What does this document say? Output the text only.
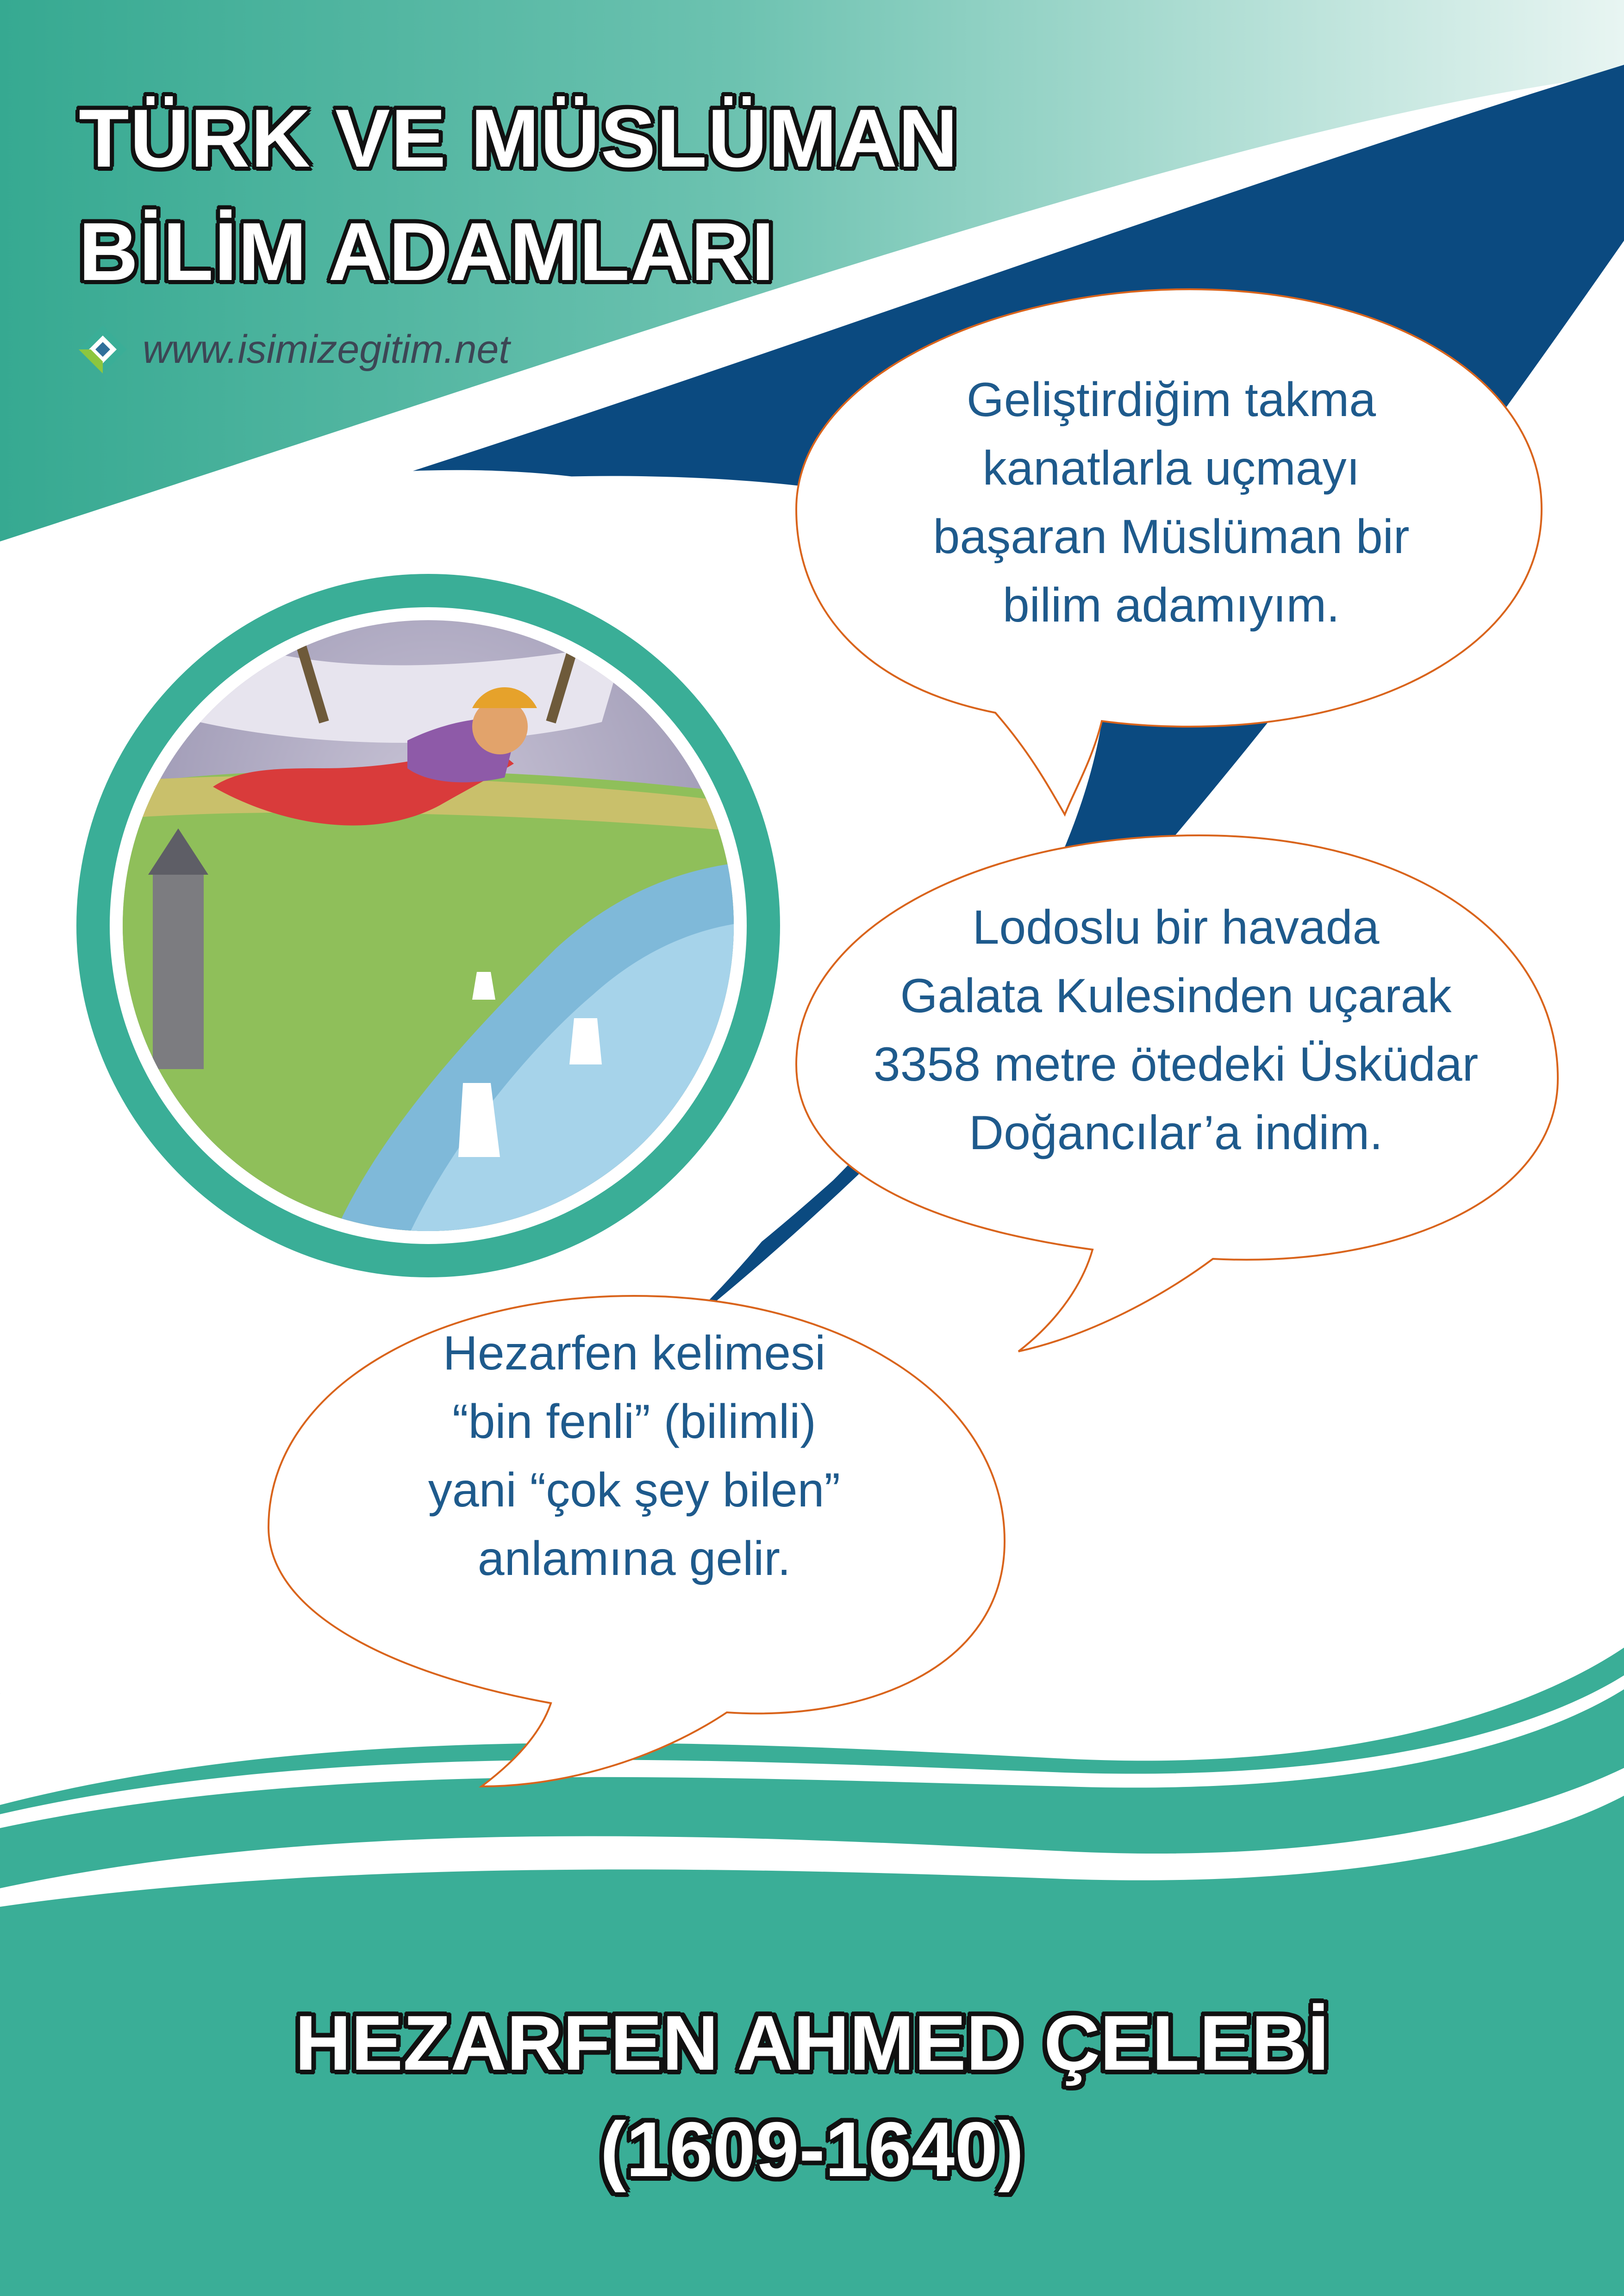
TÜRK VE MÜSLÜMAN
BİLİM ADAMLARI
www.isimizegitim.net
Geliştirdiğim takma
kanatlarla uçmayı
başaran Müslüman bir
bilim adamıyım.
Lodoslu bir havada
Galata Kulesinden uçarak
3358 metre ötedeki Üsküdar
Doğancılar’a indim.
Hezarfen kelimesi
“bin fenli” (bilimli)
yani “çok şey bilen”
anlamına gelir.
HEZARFEN AHMED ÇELEBİ
(1609-1640)
